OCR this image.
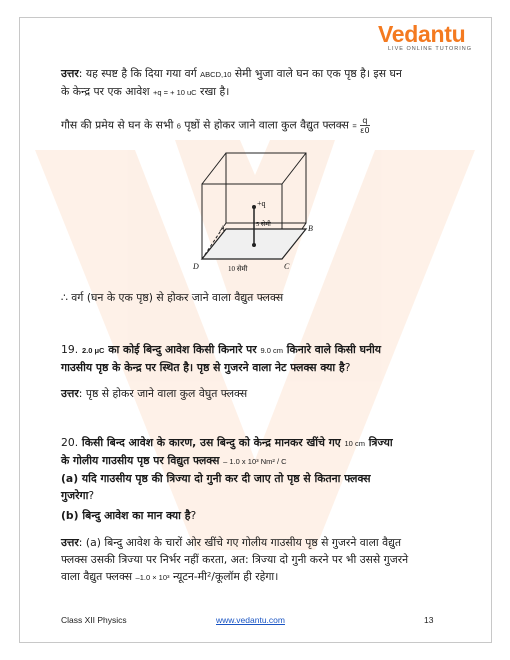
Vedantu
LIVE ONLINE TUTORING
उत्तर: यह स्पष्ट है कि दिया गया वर्ग ABCD,10 सेमी भुजा वाले घन का एक पृष्ठ है। इस घन
के केन्द्र पर एक आवेश +q = + 10 uC रखा है।
गौस की प्रमेय से घन के सभी 6 पृष्ठों से होकर जाने वाला कुल वैद्युत फ्लक्स = $\frac{q}{\varepsilon 0}$
+q
5 सेमी
A	B
C
D	10 सेमी
∴ वर्ग (घन के एक पृष्ठ) से होकर जाने वाला वैद्युत फ्लक्स
19. 2.0 μC का कोई बिन्दु आवेश किसी किनारे पर 9.0 cm किनारे वाले किसी घनीय
गाउसीय पृष्ठ के केन्द्र पर स्थित है। पृष्ठ से गुजरने वाला नेट फ्लक्स क्या है?
उत्तर: पृष्ठ से होकर जाने वाला कुल वेघुत फ्लक्स
20. किसी बिन्द आवेश के कारण, उस बिन्दु को केन्द्र मानकर खींचे गए 10 cm त्रिज्या
के गोलीय गाउसीय पृष्ठ पर विद्युत फ्लक्स – 1.0 x 10³ Nm² / C
(a) यदि गाउसीय पृष्ठ की त्रिज्या दो गुनी कर दी जाए तो पृष्ठ से कितना फ्लक्स
गुजरेगा?
(b) बिन्दु आवेश का मान क्या है?
उत्तर: (a) बिन्दु आवेश के चारों ओर खींचे गए गोलीय गाउसीय पृष्ठ से गुजरने वाला वैद्युत
फ्लक्स उसकी त्रिज्या पर निर्भर नहीं करता, अत: त्रिज्या दो गुनी करने पर भी उससे गुजरने
वाला वैद्युत फ्लक्स –1.0 × 10³ न्यूटन-मी²/कूलॉम ही रहेगा।
Class XII Physics	www.vedantu.com	13
